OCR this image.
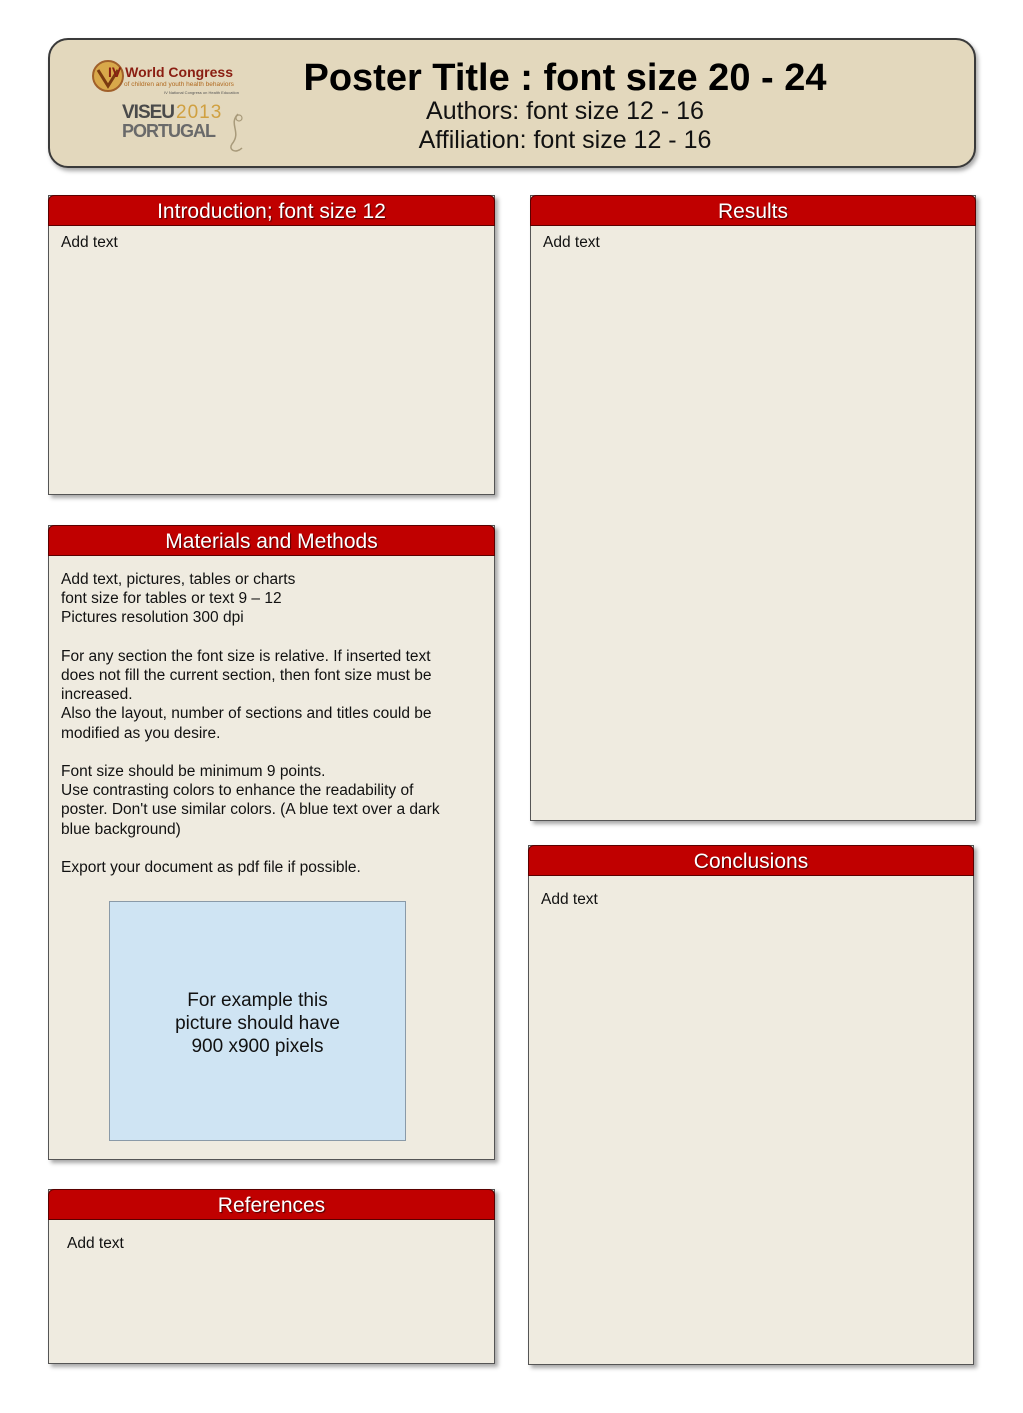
IV World Congress
of children and youth health behaviors
IV National Congress on Health Education
VISEU 2013
PORTUGAL
Poster Title : font size 20 - 24
Authors: font size 12 - 16
Affiliation: font size 12 - 16
Introduction; font size 12
Add text
Materials and Methods
Add text, pictures, tables or charts
font size for tables or text 9 – 12
Pictures resolution 300 dpi
For any section the font size is relative. If inserted text
does not fill the current section, then font size must be
increased.
Also the layout, number of sections and titles could be
modified as you desire.
Font size should be minimum 9 points.
Use contrasting colors to enhance the readability of
poster. Don't use similar colors. (A blue text over a dark
blue background)
Export your document as pdf file if possible.
For example this
picture should have
900 x900 pixels
References
Add text
Results
Add text
Conclusions
Add text
